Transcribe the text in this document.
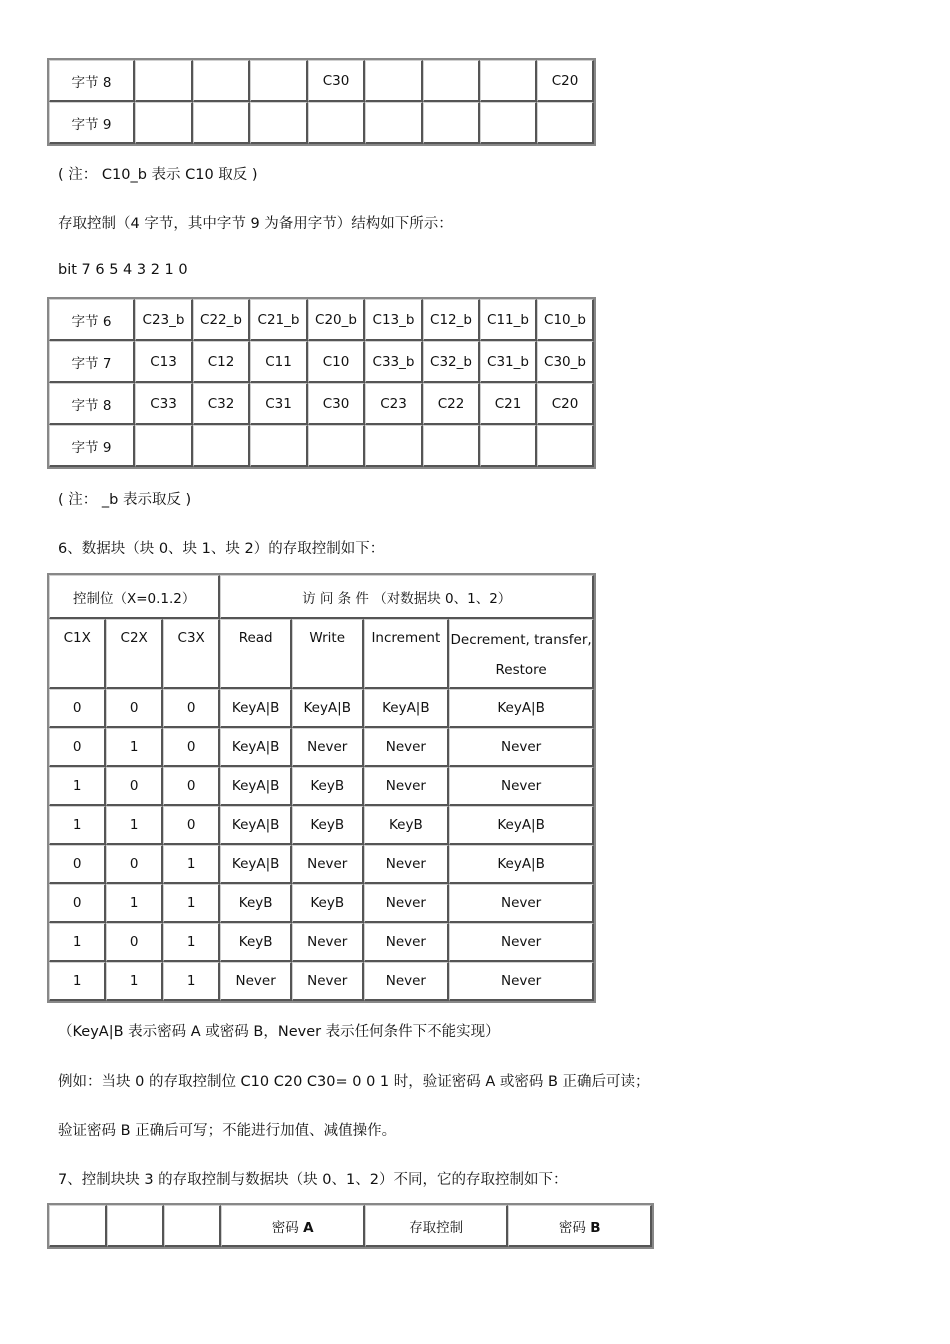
字节 8				C30				C20
字节 9								
( 注： C10_b 表示 C10 取反 )
存取控制（4 字节，其中字节 9 为备用字节）结构如下所示：
bit 7 6 5 4 3 2 1 0
字节 6	C23_b	C22_b	C21_b	C20_b	C13_b	C12_b	C11_b	C10_b
字节 7	C13	C12	C11	C10	C33_b	C32_b	C31_b	C30_b
字节 8	C33	C32	C31	C30	C23	C22	C21	C20
字节 9								
( 注： _b 表示取反 )
6、数据块（块 0、块 1、块 2）的存取控制如下：
控制位（X=0.1.2）			访 问 条 件 （对数据块 0、1、2）			
C1X	C2X	C3X	Read	Write	Increment	Decrement, transfer,
Restore

0	0	0	KeyA|B	KeyA|B	KeyA|B	KeyA|B
0	1	0	KeyA|B	Never	Never	Never
1	0	0	KeyA|B	KeyB	Never	Never
1	1	0	KeyA|B	KeyB	KeyB	KeyA|B
0	0	1	KeyA|B	Never	Never	KeyA|B
0	1	1	KeyB	KeyB	Never	Never
1	0	1	KeyB	Never	Never	Never
1	1	1	Never	Never	Never	Never
（KeyA|B 表示密码 A 或密码 B，Never 表示任何条件下不能实现）
例如：当块 0 的存取控制位 C10 C20 C30= 0 0 1 时，验证密码 A 或密码 B 正确后可读；
验证密码 B 正确后可写；不能进行加值、减值操作。
7、控制块块 3 的存取控制与数据块（块 0、1、2）不同，它的存取控制如下：
			密码 A	存取控制	密码 B
